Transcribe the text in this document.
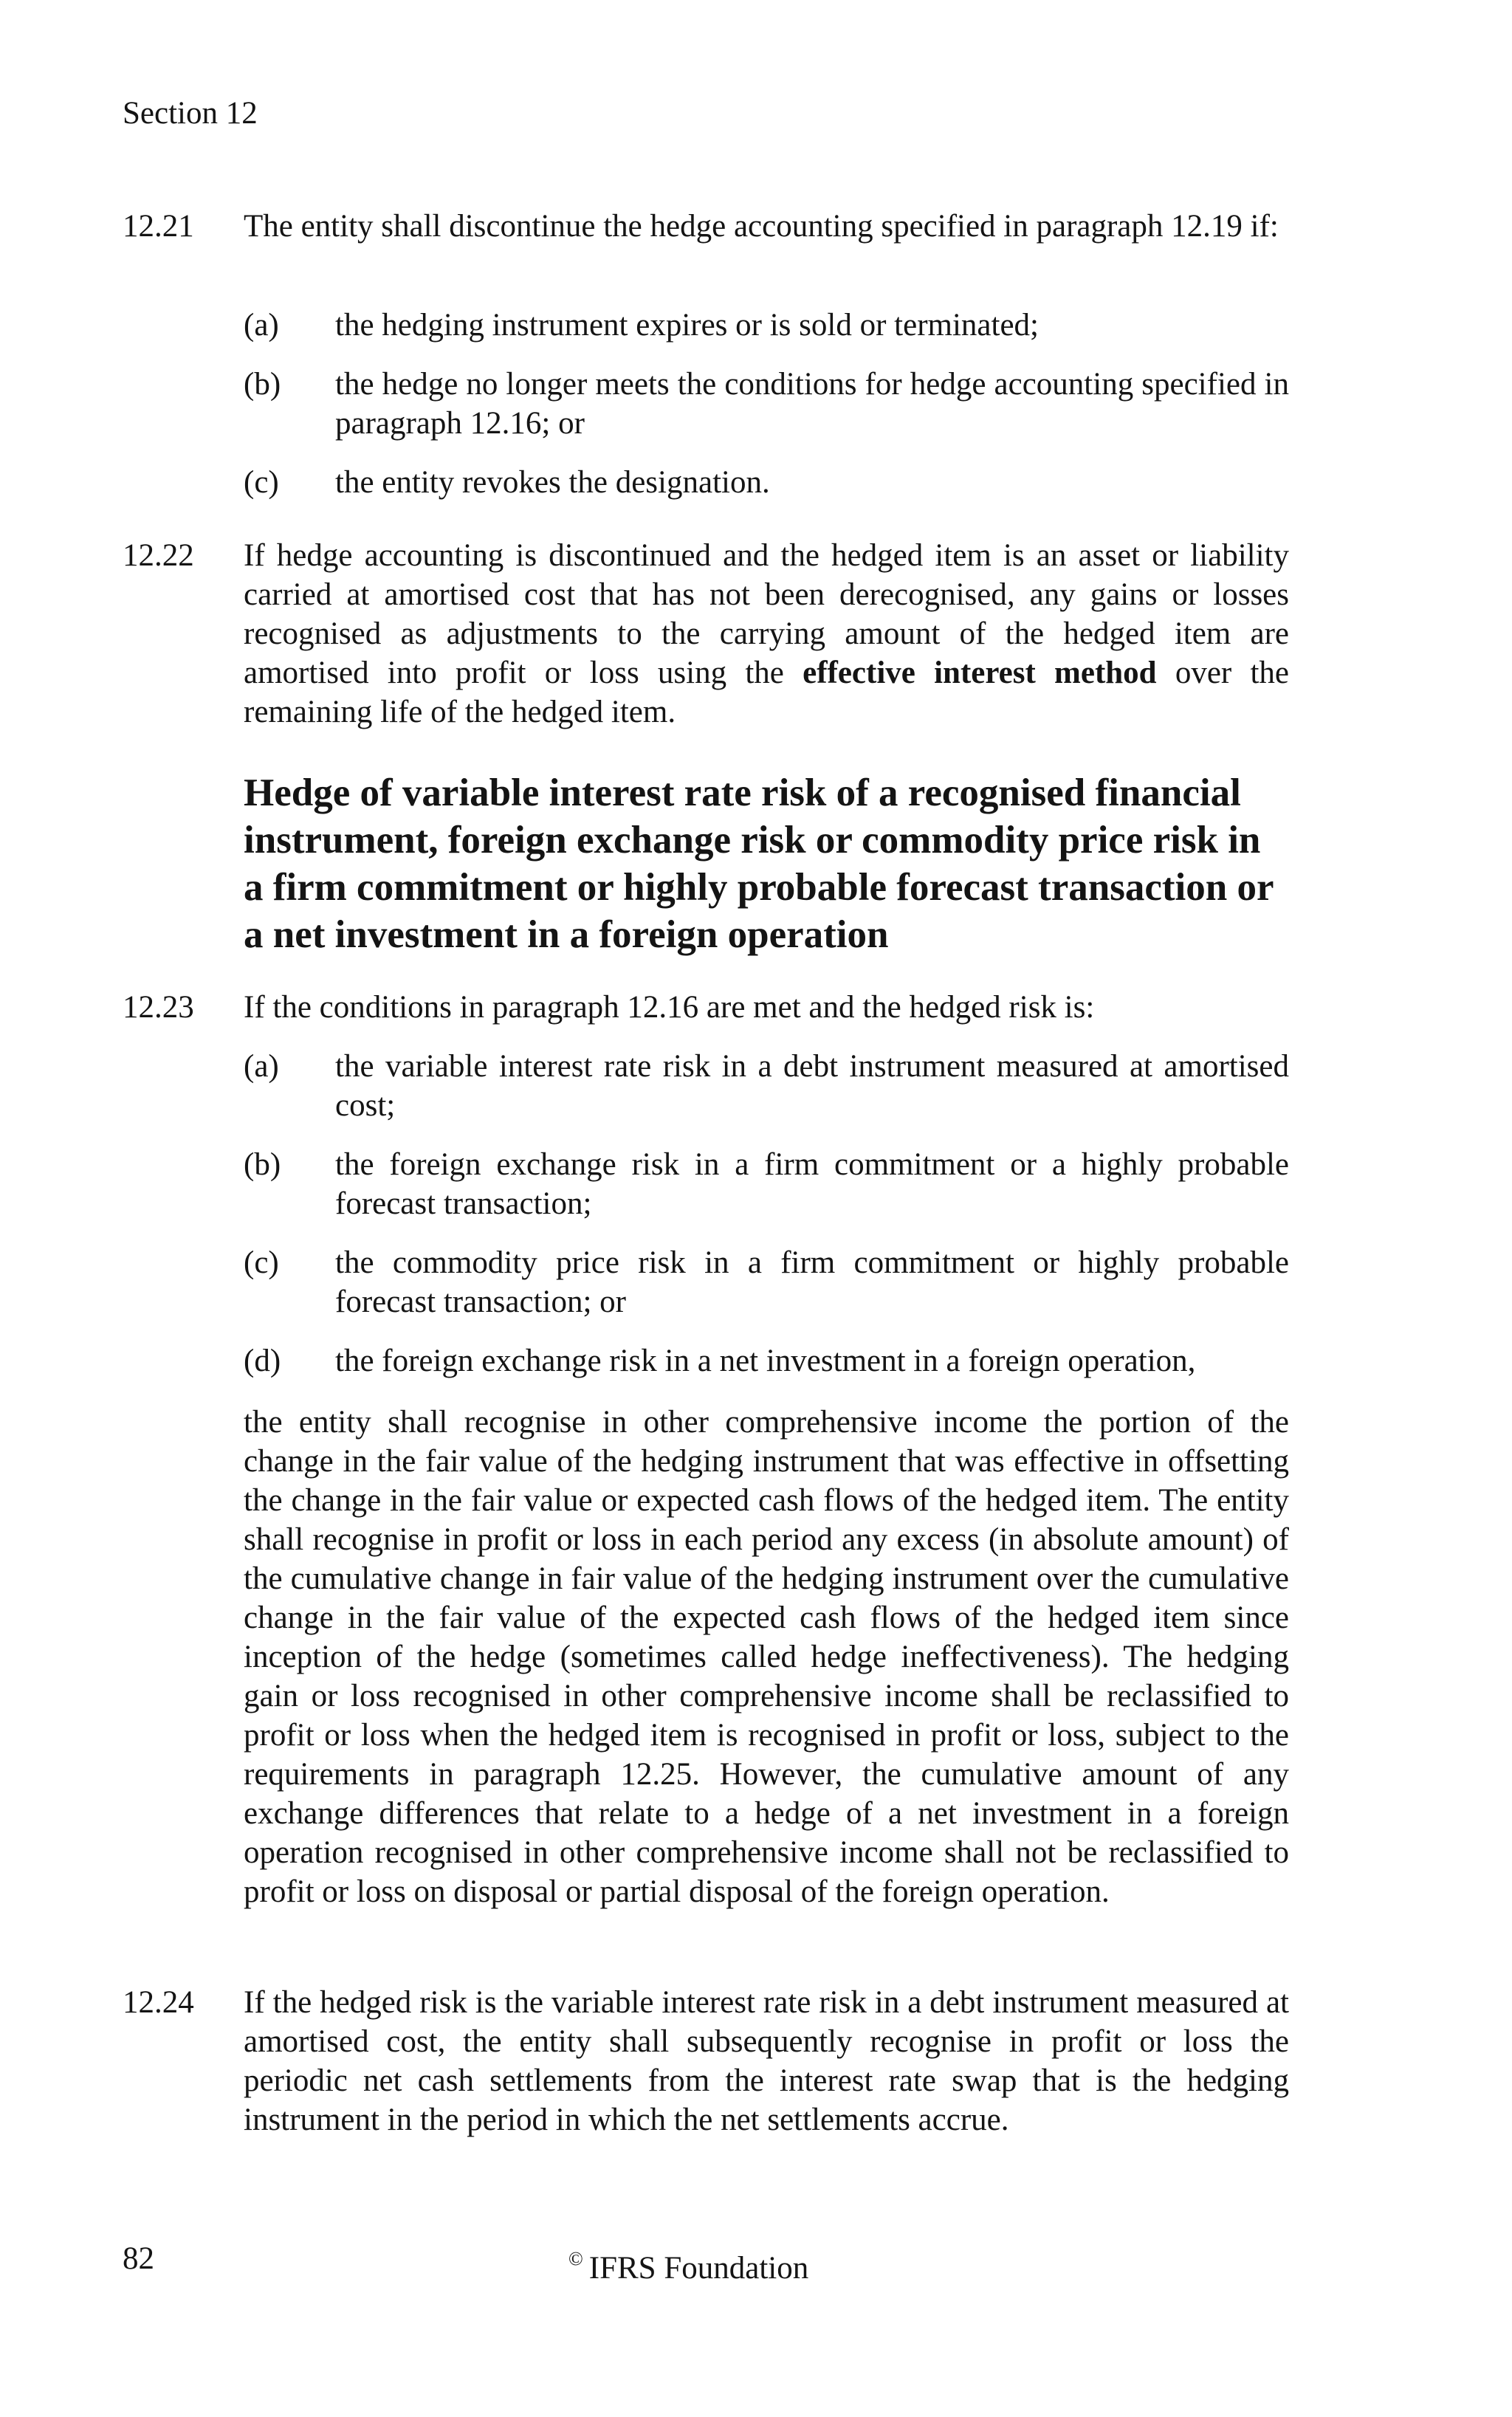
Section 12
12.21	The entity shall discontinue the hedge accounting specified in paragraph 12.19 if:
(a)	the hedging instrument expires or is sold or terminated;
(b)	the hedge no longer meets the conditions for hedge accounting specified in paragraph 12.16; or
(c)	the entity revokes the designation.
12.22	If hedge accounting is discontinued and the hedged item is an asset or liability carried at amortised cost that has not been derecognised, any gains or losses recognised as adjustments to the carrying amount of the hedged item are amortised into profit or loss using the effective interest method over the remaining life of the hedged item.
Hedge of variable interest rate risk of a recognised financial instrument, foreign exchange risk or commodity price risk in a firm commitment or highly probable forecast transaction or a net investment in a foreign operation
12.23	If the conditions in paragraph 12.16 are met and the hedged risk is:
(a)	the variable interest rate risk in a debt instrument measured at amortised cost;
(b)	the foreign exchange risk in a firm commitment or a highly probable forecast transaction;
(c)	the commodity price risk in a firm commitment or highly probable forecast transaction; or
(d)	the foreign exchange risk in a net investment in a foreign operation,
the entity shall recognise in other comprehensive income the portion of the change in the fair value of the hedging instrument that was effective in offsetting the change in the fair value or expected cash flows of the hedged item. The entity shall recognise in profit or loss in each period any excess (in absolute amount) of the cumulative change in fair value of the hedging instrument over the cumulative change in the fair value of the expected cash flows of the hedged item since inception of the hedge (sometimes called hedge ineffectiveness). The hedging gain or loss recognised in other comprehensive income shall be reclassified to profit or loss when the hedged item is recognised in profit or loss, subject to the requirements in paragraph 12.25. However, the cumulative amount of any exchange differences that relate to a hedge of a net investment in a foreign operation recognised in other comprehensive income shall not be reclassified to profit or loss on disposal or partial disposal of the foreign operation.
12.24	If the hedged risk is the variable interest rate risk in a debt instrument measured at amortised cost, the entity shall subsequently recognise in profit or loss the periodic net cash settlements from the interest rate swap that is the hedging instrument in the period in which the net settlements accrue.
82	© IFRS Foundation
